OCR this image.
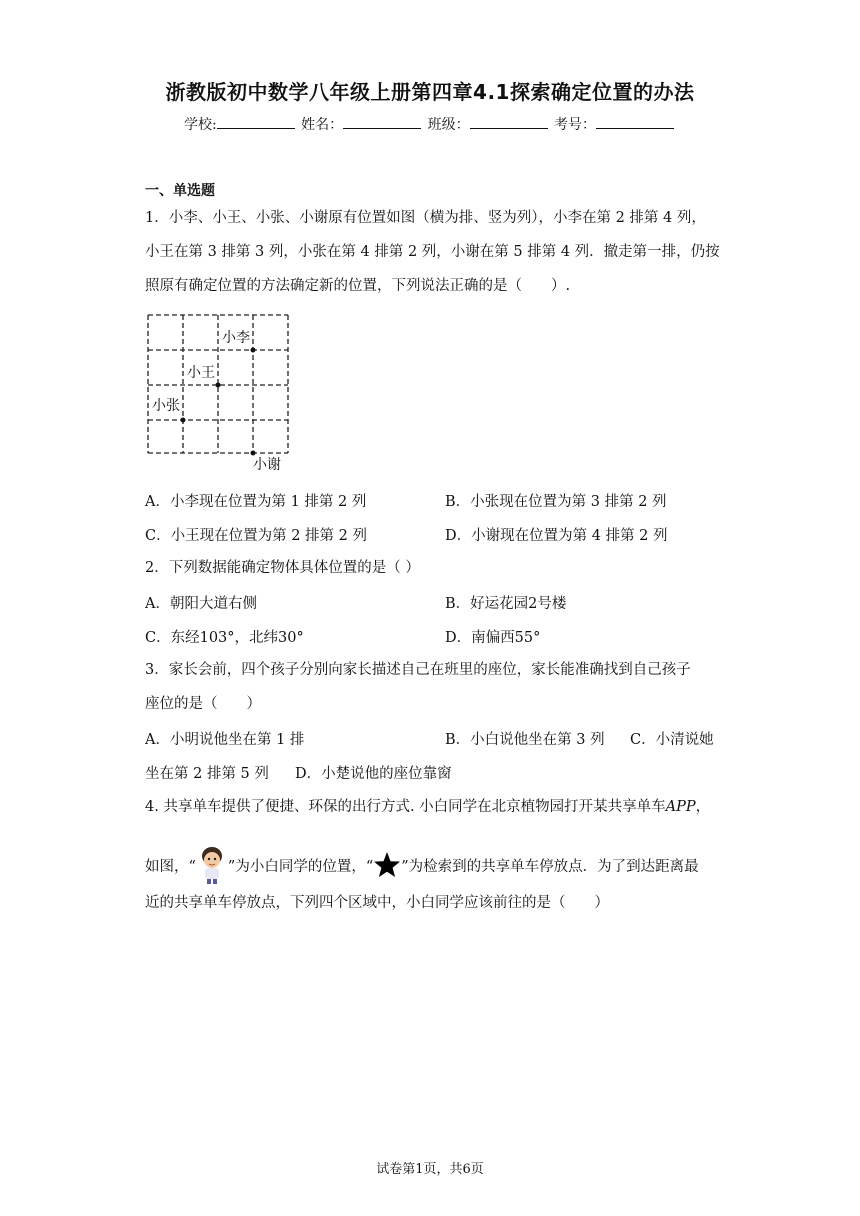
浙教版初中数学八年级上册第四章4.1探索确定位置的办法
学校:	姓名：	班级：	考号：
一、单选题
1．小李、小王、小张、小谢原有位置如图（横为排、竖为列），小李在第 2 排第 4 列，
小王在第 3 排第 3 列，小张在第 4 排第 2 列，小谢在第 5 排第 4 列．撤走第一排，仍按
照原有确定位置的方法确定新的位置，下列说法正确的是（　　）.
小李
小王
小张
小谢
A．小李现在位置为第 1 排第 2 列	B．小张现在位置为第 3 排第 2 列
C．小王现在位置为第 2 排第 2 列	D．小谢现在位置为第 4 排第 2 列
2．下列数据能确定物体具体位置的是（ ）
A．朝阳大道右侧	B．好运花园2号楼
C．东经103°，北纬30°	D．南偏西55°
3．家长会前，四个孩子分别向家长描述自己在班里的座位，家长能准确找到自己孩子
座位的是（　　）
A．小明说他坐在第 1 排	B．小白说他坐在第 3 列 C．小清说她
坐在第 2 排第 5 列 D．小楚说他的座位靠窗
4. 共享单车提供了便捷、环保的出行方式. 小白同学在北京植物园打开某共享单车APP，
如图，“ ”为小白同学的位置，“ ”为检索到的共享单车停放点．为了到达距离最
近的共享单车停放点，下列四个区域中，小白同学应该前往的是（　　）
试卷第1页，共6页
